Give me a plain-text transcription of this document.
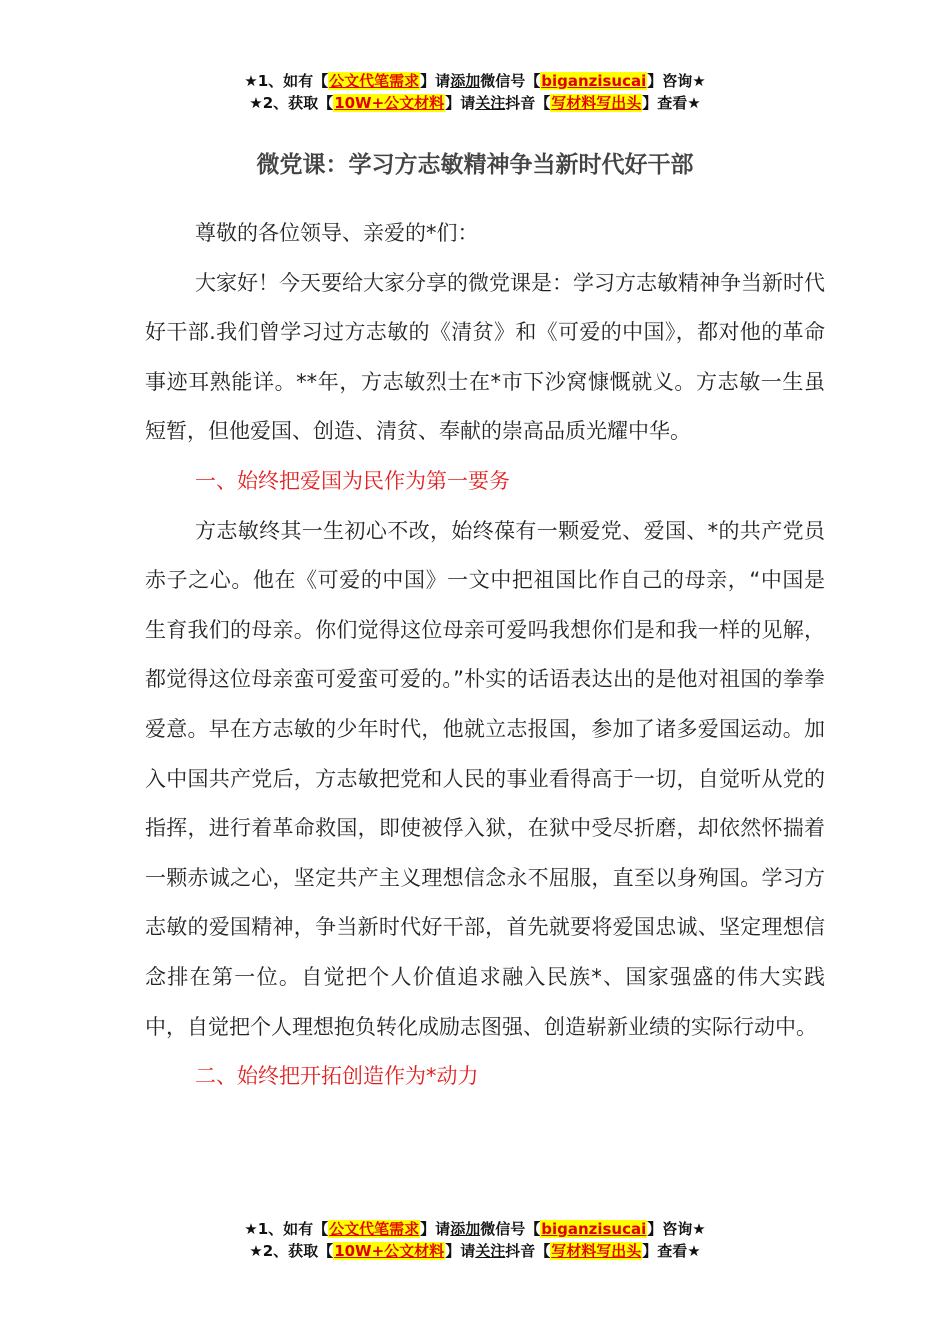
★1、如有【公文代笔需求】请添加微信号【biganzisucai】咨询★
★2、获取【10W+公文材料】请关注抖音【写材料写出头】查看★
微党课：学习方志敏精神争当新时代好干部

尊敬的各位领导、亲爱的*们：

大家好！今天要给大家分享的微党课是：学习方志敏精神争当新时代好干部.我们曾学习过方志敏的《清贫》和《可爱的中国》，都对他的革命事迹耳熟能详。**年，方志敏烈士在*市下沙窝慷慨就义。方志敏一生虽短暂，但他爱国、创造、清贫、奉献的崇高品质光耀中华。

一、始终把爱国为民作为第一要务

方志敏终其一生初心不改，始终葆有一颗爱党、爱国、*的共产党员赤子之心。他在《可爱的中国》一文中把祖国比作自己的母亲，“中国是生育我们的母亲。你们觉得这位母亲可爱吗我想你们是和我一样的见解，都觉得这位母亲蛮可爱蛮可爱的。”朴实的话语表达出的是他对祖国的拳拳爱意。早在方志敏的少年时代，他就立志报国，参加了诸多爱国运动。加入中国共产党后，方志敏把党和人民的事业看得高于一切，自觉听从党的指挥，进行着革命救国，即使被俘入狱，在狱中受尽折磨，却依然怀揣着一颗赤诚之心，坚定共产主义理想信念永不屈服，直至以身殉国。学习方志敏的爱国精神，争当新时代好干部，首先就要将爱国忠诚、坚定理想信念排在第一位。自觉把个人价值追求融入民族*、国家强盛的伟大实践中，自觉把个人理想抱负转化成励志图强、创造崭新业绩的实际行动中。

二、始终把开拓创造作为*动力

★1、如有【公文代笔需求】请添加微信号【biganzisucai】咨询★
★2、获取【10W+公文材料】请关注抖音【写材料写出头】查看★
